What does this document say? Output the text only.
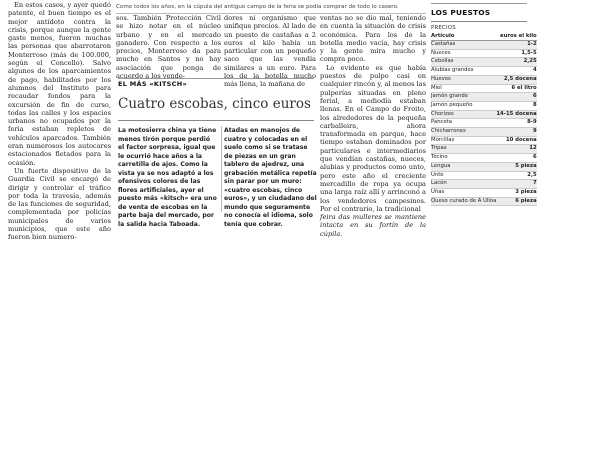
Como todos los años, en la cúpula del antiguo campo de la feria se podía comprar de todo lo casero.

En estos casos, y ayer quedó patente, el buen tiempo es el mejor antídoto contra la crisis, porque aunque la gente gaste menos, fueron muchas las personas que abarrotaron Monterroso (más de 100.000, según el Concello). Salvo algunos de los aparcamientos de pago, habilitados por los alumnos del Instituto para recaudar fondos para la excursión de fin de curso, todas las calles y los espacios urbanos no ocupados por la feria estaban repletos de vehículos aparcados. También eran numerosos los autocares estacionados fletados para la ocasión.

Un fuerte dispositivo de la Guardia Civil se encargó de dirigir y controlar el tráfico por toda la travesía, además de las funciones de seguridad, complementada por policías municipales de varios municipios, que este año fueron bien numero-

sos. También Protección Civil se hizo notar en el núcleo urbano y en el mercado ganadero. Con respecto a los precios, Monterroso da para mucho en Santos y no hay asociación que ponga de acuerdo a los vende-

dores ni organismo que unifique precios. Al lado de un puesto de castañas a 2 euros el kilo había un particular con un pequeño saco que las vendía similares a un euro. Para los de la botella mucho más llena, la mañana de

ventas no se dio mal, teniendo en cuenta la situación de crisis económica. Para los de la botella medio vacía, hay crisis y la gente mira mucho y compra poco.

Lo evidente es que había puestos de pulpo casi en cualquier rincón y, al menos las pulperías situadas en pleno ferial, a mediodía estaban llenas. En el Campo do Froito, los alrededores de la pequeña carballeira, ahora transformada en parque, hace tiempo estaban dominados por particulares e intermediarios que vendían castañas, nueces, alubias y productos como unto, pero este año el creciente mercadillo de ropa ya ocupa una larga raíz allí y arrinconó a los vendedores campesinos. Por el contrario, la tradicional

feira das mulleres se mantiene intacta en su fortín de la cúpila.

EL MÁS «KITSCH»
Cuatro escobas, cinco euros

La motosierra china ya tiene menos tirón porque perdió el factor sorpresa, igual que le ocurrió hace años a la carretilla de ajos. Como la vista ya se nos adaptó a los ofensivos colores de las flores artificiales, ayer el puesto más «kitsch» era uno de venta de escobas en la parte baja del mercado, por la salida hacia Taboada.

Atadas en manojos de cuatro y colocadas en el suelo como si se tratase de piezas en un gran tablero de ajedrez, una grabación metálica repetía sin parar por un muro: «cuatro escobas, cinco euros», y un ciudadano del mundo que seguramente no conocía el idioma, solo tenía que cobrar.

LOS PUESTOS
PRECIOS
Artículo	euros el kilo
Castañas	1-2
Nueces	1,5-5
Cebollas	2,25
Alubias grandes	4
Huevos	2,5 docena
Miel	6 el litro
Jamón grande	6
Jamón pequeño	8
Chorizos	14-15 docena
Panceta	8-9
Chicharrones	9
Morcillas	10 docena
Tripas	12
Tocino	6
Lengua	5 pieza
Unto	2,5
Lacón	7
Uñas	3 pieza
Queso curado de A Ulloa	6 pieza
